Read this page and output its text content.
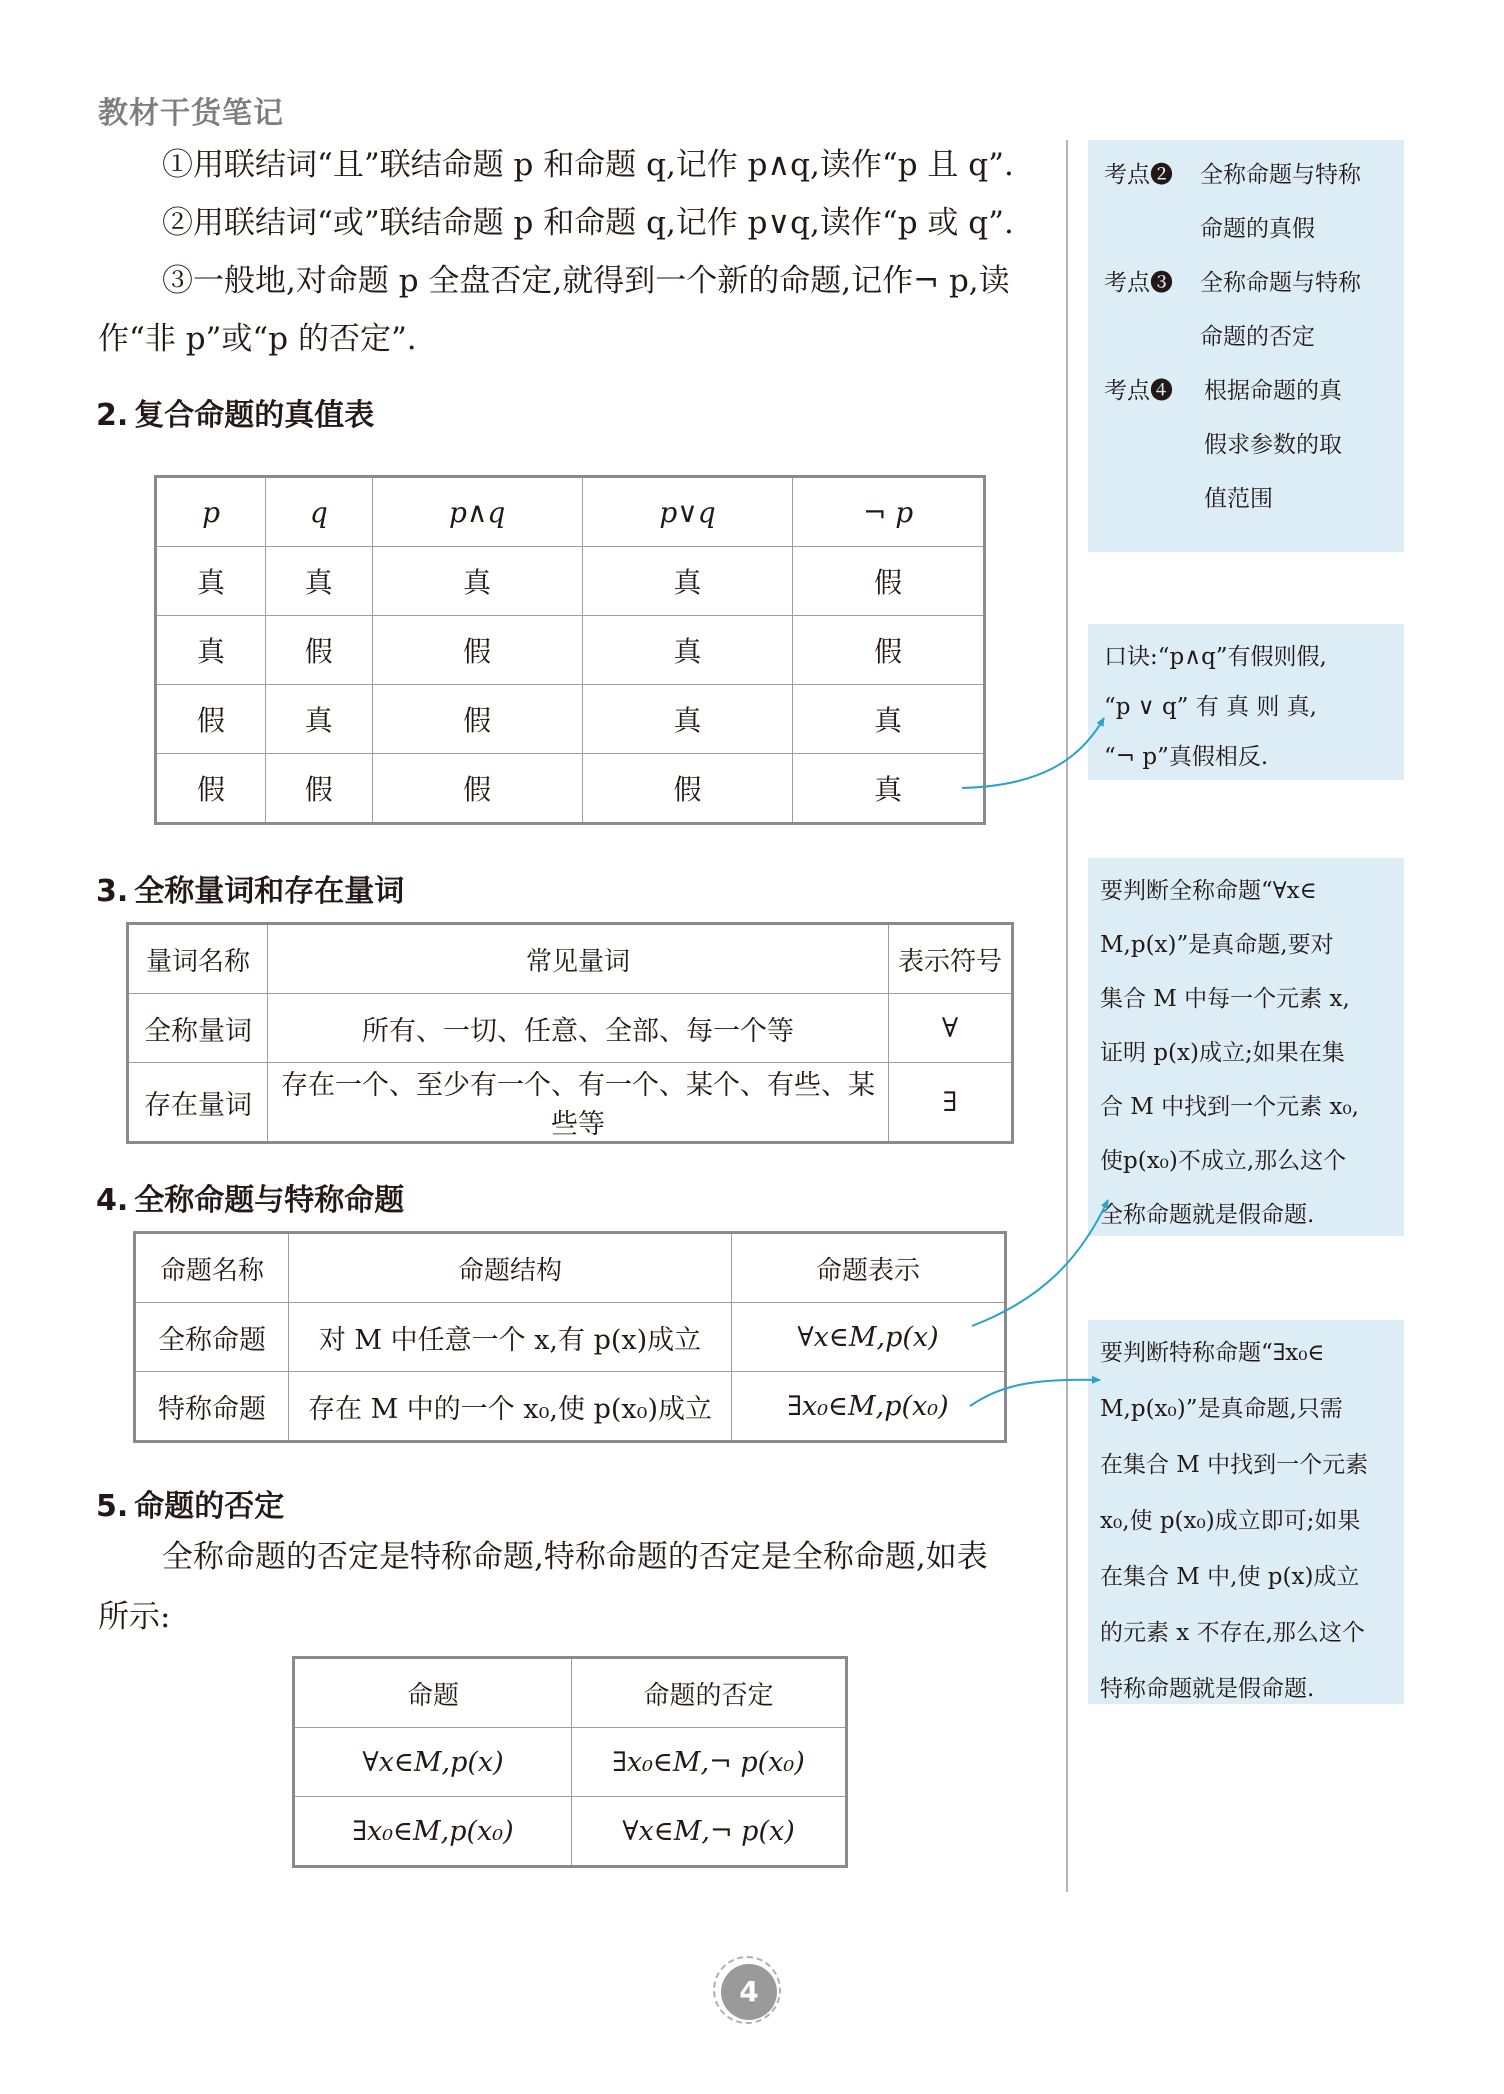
教材干货笔记
①用联结词“且”联结命题 p 和命题 q,记作 p∧q,读作“p 且 q”.
②用联结词“或”联结命题 p 和命题 q,记作 p∨q,读作“p 或 q”.
③一般地,对命题 p 全盘否定,就得到一个新的命题,记作¬ p,读
作“非 p”或“p 的否定”.
2. 复合命题的真值表
p	q	p∧q	p∨q	¬ p
真	真	真	真	假
真	假	假	真	假
假	真	假	真	真
假	假	假	假	真
3. 全称量词和存在量词
量词名称	常见量词	表示符号
全称量词	所有、一切、任意、全部、每一个等	∀
存在量词	存在一个、至少有一个、有一个、某个、有些、某些等	∃
4. 全称命题与特称命题
命题名称	命题结构	命题表示
全称命题	对 M 中任意一个 x,有 p(x)成立	∀x∈M,p(x)
特称命题	存在 M 中的一个 x₀,使 p(x₀)成立	∃x₀∈M,p(x₀)
5. 命题的否定
全称命题的否定是特称命题,特称命题的否定是全称命题,如表
所示:
命题	命题的否定
∀x∈M,p(x)	∃x₀∈M,¬ p(x₀)
∃x₀∈M,p(x₀)	∀x∈M,¬ p(x)
考点❷ 全称命题与特称
命题的真假
考点❸ 全称命题与特称
命题的否定
考点❹ 根据命题的真
假求参数的取
值范围
口诀:“p∧q”有假则假,
“p ∨ q” 有 真 则 真,
“¬ p”真假相反.
要判断全称命题“∀x∈
M,p(x)”是真命题,要对
集合 M 中每一个元素 x,
证明 p(x)成立;如果在集
合 M 中找到一个元素 x₀,
使p(x₀)不成立,那么这个
全称命题就是假命题.
要判断特称命题“∃x₀∈
M,p(x₀)”是真命题,只需
在集合 M 中找到一个元素
x₀,使 p(x₀)成立即可;如果
在集合 M 中,使 p(x)成立
的元素 x 不存在,那么这个
特称命题就是假命题.
4
